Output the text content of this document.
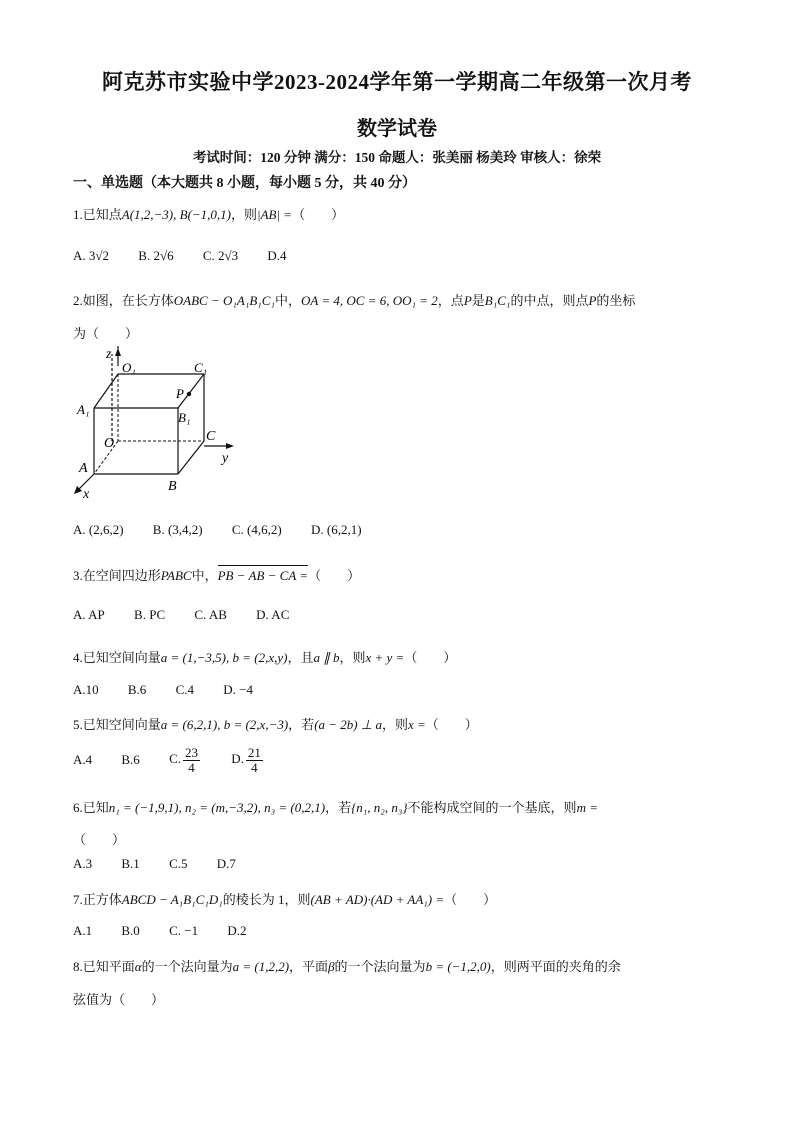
阿克苏市实验中学2023-2024学年第一学期高二年级第一次月考
数学试卷
考试时间：120 分钟 满分：150 命题人：张美丽 杨美玲 审核人：徐荣
一、单选题（本大题共 8 小题，每小题 5 分，共 40 分）
1.已知点A(1,2,−3), B(−1,0,1)，则|AB| =（　　）
A. 3√2 B. 2√6 C. 2√3 D.4
2.如图，在长方体OABC − O₁A₁B₁C₁中，OA = 4, OC = 6, OO₁ = 2，点P是B₁C₁的中点，则点P的坐标
为（　　）
z
O₁	C₁
P
A₁
B₁
O	C
y
A
B
x
A. (2,6,2) B. (3,4,2) C. (4,6,2) D. (6,2,1)
3.在空间四边形PABC中，PB − AB − CA =（　　）
A. AP B. PC C. AB D. AC
4.已知空间向量a = (1,−3,5), b = (2,x,y)，且a ∥ b，则x + y =（　　）
A.10 B.6 C.4 D. −4
5.已知空间向量a = (6,2,1), b = (2,x,−3)，若(a − 2b) ⊥ a，则x =（　　）
A.4 B.6 C. $\frac{23}{4} D$. $\frac{21}{4}$
6.已知n₁ = (−1,9,1), n₂ = (m,−3,2), n₃ = (0,2,1)，若{n₁, n₂, n₃}不能构成空间的一个基底，则m =
（　　）
A.3 B.1 C.5 D.7
7.正方体ABCD − A₁B₁C₁D₁的棱长为 1，则(AB + AD)·(AD + AA₁) =（　　）
A.1 B.0 C. −1 D.2
8.已知平面α的一个法向量为a = (1,2,2)，平面β的一个法向量为b = (−1,2,0)，则两平面的夹角的余
弦值为（　　）
